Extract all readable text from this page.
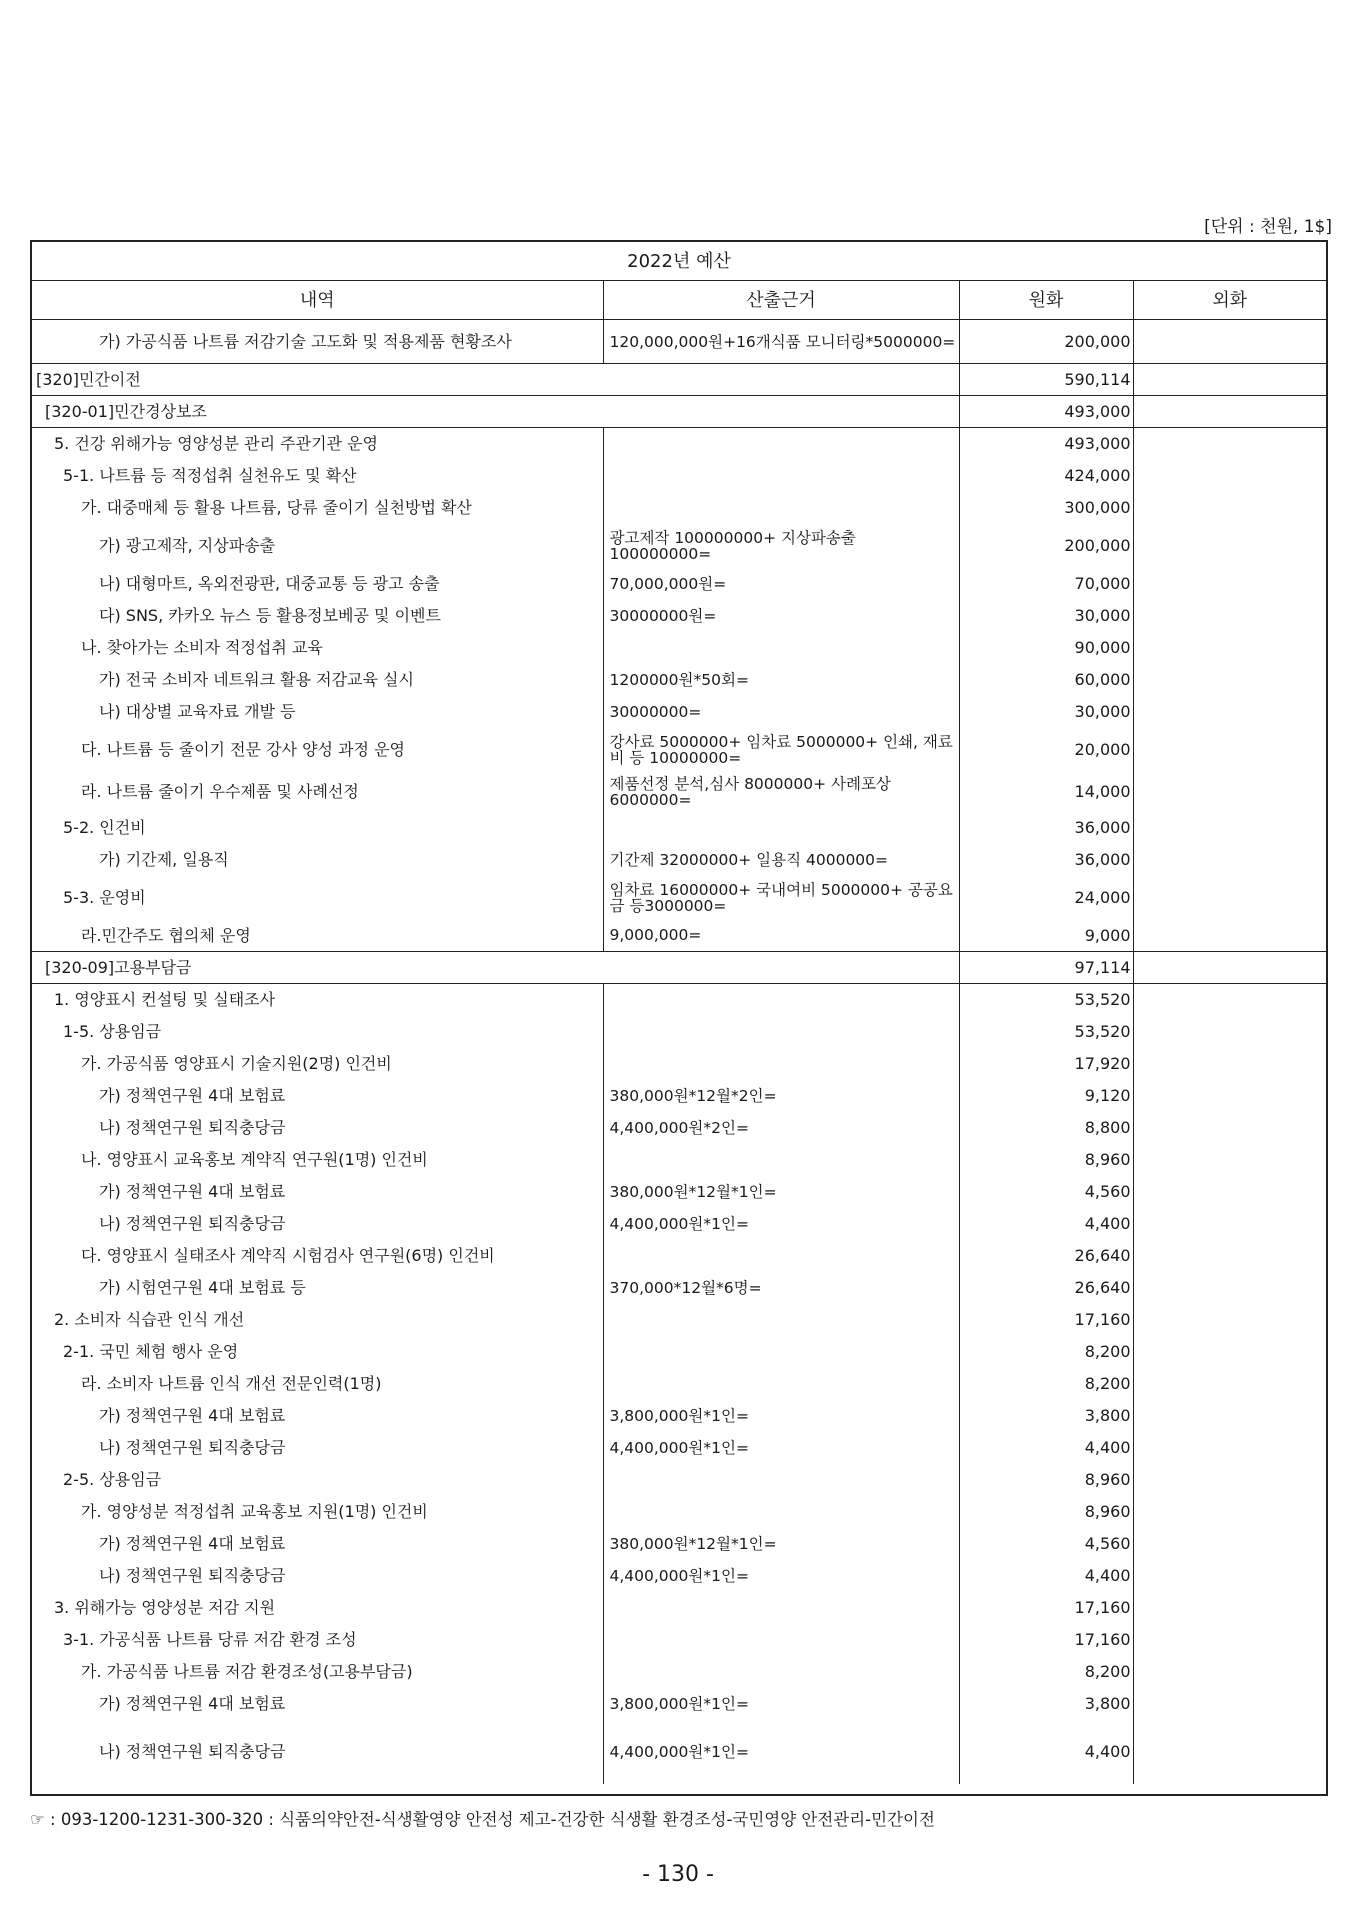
[단위 : 천원, 1$]
2022년 예산			
내역	산출근거	원화	외화
가) 가공식품 나트륨 저감기술 고도화 및 적용제품 현황조사	120,000,000원+16개식품 모니터링*5000000=	200,000	
[320]민간이전		590,114	
[320-01]민간경상보조		493,000	
5. 건강 위해가능 영양성분 관리 주관기관 운영		493,000	
5-1. 나트륨 등 적정섭취 실천유도 및 확산		424,000	
가. 대중매체 등 활용 나트륨, 당류 줄이기 실천방법 확산		300,000	
가) 광고제작, 지상파송출	광고제작 100000000+ 지상파송출 100000000=	200,000	
나) 대형마트, 옥외전광판, 대중교통 등 광고 송출	70,000,000원=	70,000	
다) SNS, 카카오 뉴스 등 활용정보베공 및 이벤트	30000000원=	30,000	
나. 찾아가는 소비자 적정섭취 교육		90,000	
가) 전국 소비자 네트워크 활용 저감교육 실시	1200000원*50회=	60,000	
나) 대상별 교육자료 개발 등	30000000=	30,000	
다. 나트륨 등 줄이기 전문 강사 양성 과정 운영	강사료 5000000+ 임차료 5000000+ 인쇄, 재료비 등 10000000=	20,000	
라. 나트륨 줄이기 우수제품 및 사례선정	제품선정 분석,심사 8000000+ 사례포상 6000000=	14,000	
5-2. 인건비		36,000	
가) 기간제, 일용직	기간제 32000000+ 일용직 4000000=	36,000	
5-3. 운영비	임차료 16000000+ 국내여비 5000000+ 공공요금 등3000000=	24,000	
라.민간주도 협의체 운영	9,000,000=	9,000	
[320-09]고용부담금		97,114	
1. 영양표시 컨설팅 및 실태조사		53,520	
1-5. 상용임금		53,520	
가. 가공식품 영양표시 기술지원(2명) 인건비		17,920	
가) 정책연구원 4대 보험료	380,000원*12월*2인=	9,120	
나) 정책연구원 퇴직충당금	4,400,000원*2인=	8,800	
나. 영양표시 교육홍보 계약직 연구원(1명) 인건비		8,960	
가) 정책연구원 4대 보험료	380,000원*12월*1인=	4,560	
나) 정책연구원 퇴직충당금	4,400,000원*1인=	4,400	
다. 영양표시 실태조사 계약직 시험검사 연구원(6명) 인건비		26,640	
가) 시험연구원 4대 보험료 등	370,000*12월*6명=	26,640	
2. 소비자 식습관 인식 개선		17,160	
2-1. 국민 체험 행사 운영		8,200	
라. 소비자 나트륨 인식 개선 전문인력(1명)		8,200	
가) 정책연구원 4대 보험료	3,800,000원*1인=	3,800	
나) 정책연구원 퇴직충당금	4,400,000원*1인=	4,400	
2-5. 상용임금		8,960	
가. 영양성분 적정섭취 교육홍보 지원(1명) 인건비		8,960	
가) 정책연구원 4대 보험료	380,000원*12월*1인=	4,560	
나) 정책연구원 퇴직충당금	4,400,000원*1인=	4,400	
3. 위해가능 영양성분 저감 지원		17,160	
3-1. 가공식품 나트륨 당류 저감 환경 조성		17,160	
가. 가공식품 나트륨 저감 환경조성(고용부담금)		8,200	
가) 정책연구원 4대 보험료	3,800,000원*1인=	3,800	
나) 정책연구원 퇴직충당금	4,400,000원*1인=	4,400	
☞ : 093-1200-1231-300-320 : 식품의약안전-식생활영양 안전성 제고-건강한 식생활 환경조성-국민영양 안전관리-민간이전
- 130 -
